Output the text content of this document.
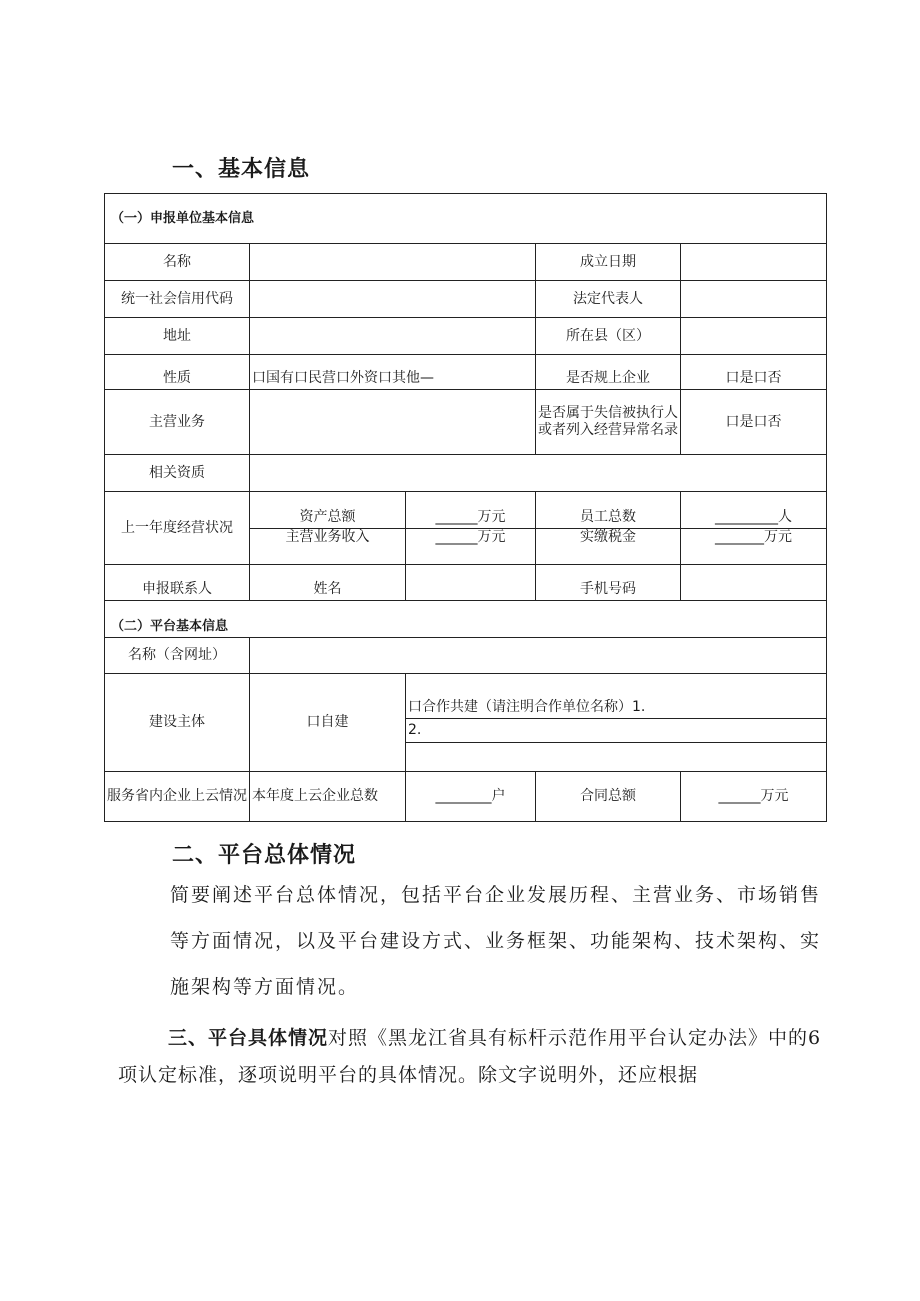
一、基本信息
（一）申报单位基本信息				
名称			成立日期	
统一社会信用代码			法定代表人	
地址			所在县（区）	
性质	口国有口民营口外资口其他—		是否规上企业	口是口否
主营业务			是否属于失信被执行人或者列入经营异常名录	口是口否
相关资质				
上一年度经营状况	资产总额	______万元	员工总数	_________人
	主营业务收入	______万元	实缴税金	_______万元
申报联系人	姓名		手机号码	
（二）平台基本信息				
名称（含网址）				
建设主体	口自建	口合作共建（请注明合作单位名称）1.		
		2.		

服务省内企业上云情况	本年度上云企业总数	________户	合同总额	______万元
二、平台总体情况
简要阐述平台总体情况，包括平台企业发展历程、主营业务、市场销售等方面情况，以及平台建设方式、业务框架、功能架构、技术架构、实施架构等方面情况。
三、平台具体情况对照《黑龙江省具有标杆示范作用平台认定办法》中的6项认定标准，逐项说明平台的具体情况。除文字说明外，还应根据
